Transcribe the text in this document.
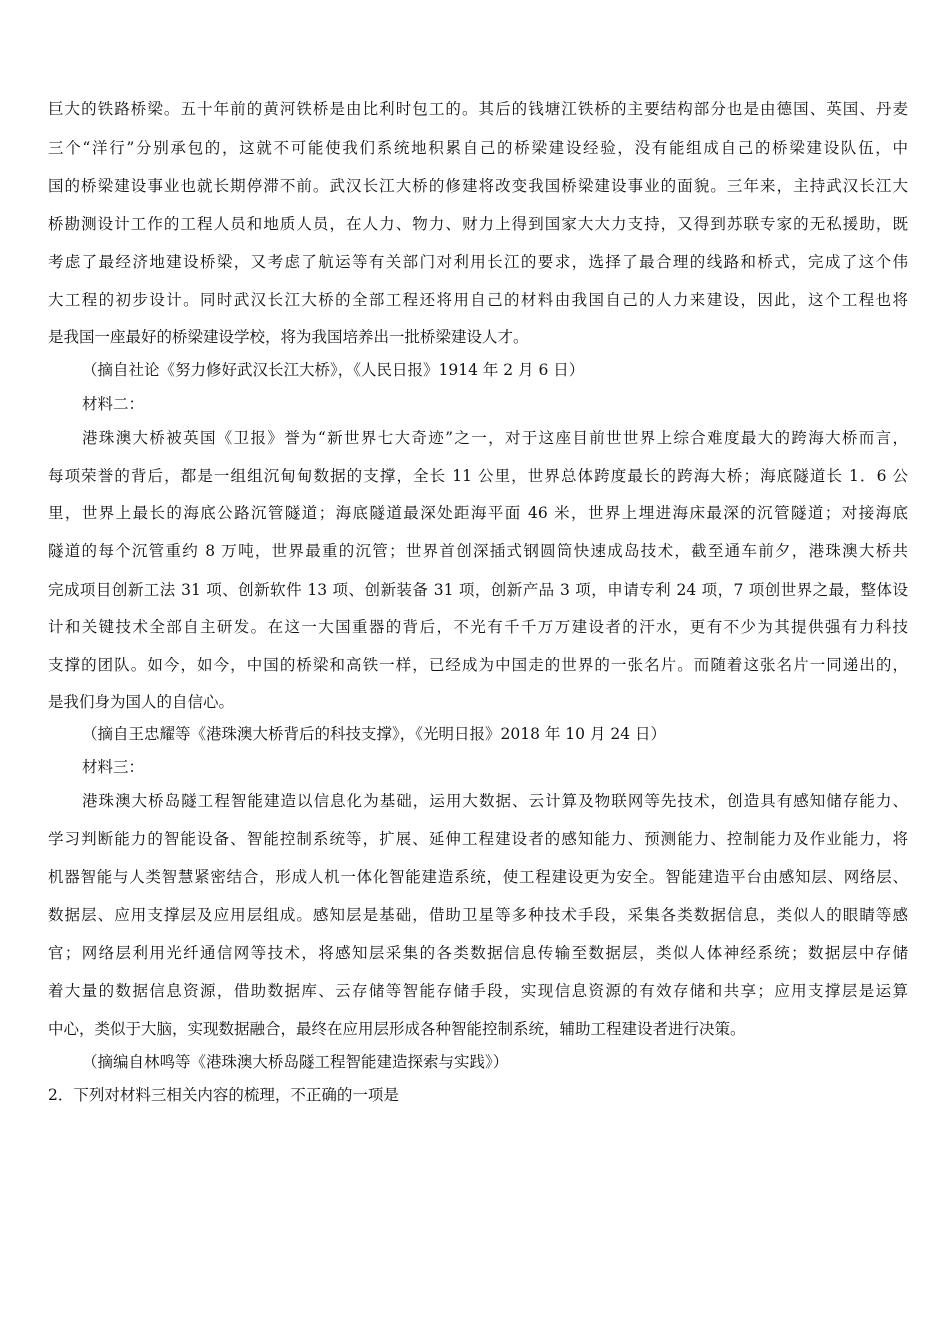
巨大的铁路桥梁。五十年前的黄河铁桥是由比利时包工的。其后的钱塘江铁桥的主要结构部分也是由德国、英国、丹麦
三个“洋行”分别承包的，这就不可能使我们系统地积累自己的桥梁建设经验，没有能组成自己的桥梁建设队伍，中
国的桥梁建设事业也就长期停滞不前。武汉长江大桥的修建将改变我国桥梁建设事业的面貌。三年来，主持武汉长江大
桥勘测设计工作的工程人员和地质人员，在人力、物力、财力上得到国家大大力支持，又得到苏联专家的无私援助，既
考虑了最经济地建设桥梁，又考虑了航运等有关部门对利用长江的要求，选择了最合理的线路和桥式，完成了这个伟
大工程的初步设计。同时武汉长江大桥的全部工程还将用自己的材料由我国自己的人力来建设，因此，这个工程也将
是我国一座最好的桥梁建设学校，将为我国培养出一批桥梁建设人才。
（摘自社论《努力修好武汉长江大桥》，《人民日报》1914 年 2 月 6 日）
材料二：
港珠澳大桥被英国《卫报》誉为“新世界七大奇迹”之一，对于这座目前世世界上综合难度最大的跨海大桥而言，
每项荣誉的背后，都是一组组沉甸甸数据的支撑，全长 11 公里，世界总体跨度最长的跨海大桥；海底隧道长 1．6 公
里，世界上最长的海底公路沉管隧道；海底隧道最深处距海平面 46 米，世界上埋进海床最深的沉管隧道；对接海底
隧道的每个沉管重约 8 万吨，世界最重的沉管；世界首创深插式钢圆筒快速成岛技术，截至通车前夕，港珠澳大桥共
完成项目创新工法 31 项、创新软件 13 项、创新装备 31 项，创新产品 3 项，申请专利 24 项，7 项创世界之最，整体设
计和关键技术全部自主研发。在这一大国重器的背后，不光有千千万万建设者的汗水，更有不少为其提供强有力科技
支撑的团队。如今，如今，中国的桥梁和高铁一样，已经成为中国走的世界的一张名片。而随着这张名片一同递出的，
是我们身为国人的自信心。
（摘自王忠耀等《港珠澳大桥背后的科技支撑》，《光明日报》2018 年 10 月 24 日）
材料三：
港珠澳大桥岛隧工程智能建造以信息化为基础，运用大数据、云计算及物联网等先技术，创造具有感知储存能力、
学习判断能力的智能设备、智能控制系统等，扩展、延伸工程建设者的感知能力、预测能力、控制能力及作业能力，将
机器智能与人类智慧紧密结合，形成人机一体化智能建造系统，使工程建设更为安全。智能建造平台由感知层、网络层、
数据层、应用支撑层及应用层组成。感知层是基础，借助卫星等多种技术手段，采集各类数据信息，类似人的眼睛等感
官；网络层利用光纤通信网等技术，将感知层采集的各类数据信息传输至数据层，类似人体神经系统；数据层中存储
着大量的数据信息资源，借助数据库、云存储等智能存储手段，实现信息资源的有效存储和共享；应用支撑层是运算
中心，类似于大脑，实现数据融合，最终在应用层形成各种智能控制系统，辅助工程建设者进行决策。
（摘编自林鸣等《港珠澳大桥岛隧工程智能建造探索与实践》）
2．下列对材料三相关内容的梳理，不正确的一项是
